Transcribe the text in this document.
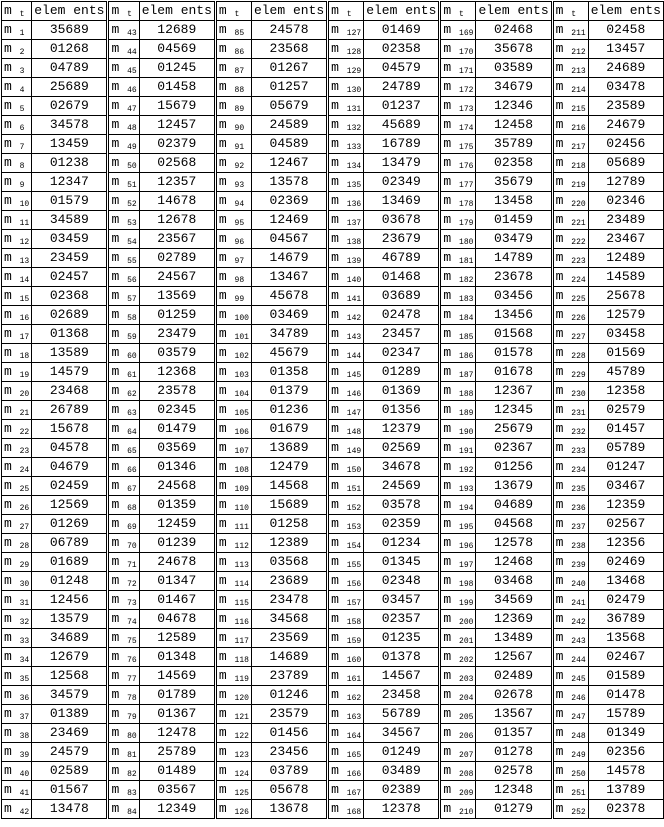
m $_t$	elem ents	m $_t$	elem ents	m $_t$	elem ents	m $_t$	elem ents	m $_t$	elem ents	m $_t$	elem ents
m $_1$	35689	m $_{43}$	12689	m $_{85}$	24578	m $_{127}$	01469	m $_{169}$	02468	m $_{211}$	02458
m $_2$	01268	m $_{44}$	04569	m $_{86}$	23568	m $_{128}$	02358	m $_{170}$	35678	m $_{212}$	13457
m $_3$	04789	m $_{45}$	01245	m $_{87}$	01267	m $_{129}$	04579	m $_{171}$	03589	m $_{213}$	24689
m $_4$	25689	m $_{46}$	01458	m $_{88}$	01257	m $_{130}$	24789	m $_{172}$	34679	m $_{214}$	03478
m $_5$	02679	m $_{47}$	15679	m $_{89}$	05679	m $_{131}$	01237	m $_{173}$	12346	m $_{215}$	23589
m $_6$	34578	m $_{48}$	12457	m $_{90}$	24589	m $_{132}$	45689	m $_{174}$	12458	m $_{216}$	24679
m $_7$	13459	m $_{49}$	02379	m $_{91}$	04589	m $_{133}$	16789	m $_{175}$	35789	m $_{217}$	02456
m $_8$	01238	m $_{50}$	02568	m $_{92}$	12467	m $_{134}$	13479	m $_{176}$	02358	m $_{218}$	05689
m $_9$	12347	m $_{51}$	12357	m $_{93}$	13578	m $_{135}$	02349	m $_{177}$	35679	m $_{219}$	12789
m $_{10}$	01579	m $_{52}$	14678	m $_{94}$	02369	m $_{136}$	13469	m $_{178}$	13458	m $_{220}$	02346
m $_{11}$	34589	m $_{53}$	12678	m $_{95}$	12469	m $_{137}$	03678	m $_{179}$	01459	m $_{221}$	23489
m $_{12}$	03459	m $_{54}$	23567	m $_{96}$	04567	m $_{138}$	23679	m $_{180}$	03479	m $_{222}$	23467
m $_{13}$	23459	m $_{55}$	02789	m $_{97}$	14679	m $_{139}$	46789	m $_{181}$	14789	m $_{223}$	12489
m $_{14}$	02457	m $_{56}$	24567	m $_{98}$	13467	m $_{140}$	01468	m $_{182}$	23678	m $_{224}$	14589
m $_{15}$	02368	m $_{57}$	13569	m $_{99}$	45678	m $_{141}$	03689	m $_{183}$	03456	m $_{225}$	25678
m $_{16}$	02689	m $_{58}$	01259	m $_{100}$	03469	m $_{142}$	02478	m $_{184}$	13456	m $_{226}$	12579
m $_{17}$	01368	m $_{59}$	23479	m $_{101}$	34789	m $_{143}$	23457	m $_{185}$	01568	m $_{227}$	03458
m $_{18}$	13589	m $_{60}$	03579	m $_{102}$	45679	m $_{144}$	02347	m $_{186}$	01578	m $_{228}$	01569
m $_{19}$	14579	m $_{61}$	12368	m $_{103}$	01358	m $_{145}$	01289	m $_{187}$	01678	m $_{229}$	45789
m $_{20}$	23468	m $_{62}$	23578	m $_{104}$	01379	m $_{146}$	01369	m $_{188}$	12367	m $_{230}$	12358
m $_{21}$	26789	m $_{63}$	02345	m $_{105}$	01236	m $_{147}$	01356	m $_{189}$	12345	m $_{231}$	02579
m $_{22}$	15678	m $_{64}$	01479	m $_{106}$	01679	m $_{148}$	12379	m $_{190}$	25679	m $_{232}$	01457
m $_{23}$	04578	m $_{65}$	03569	m $_{107}$	13689	m $_{149}$	02569	m $_{191}$	02367	m $_{233}$	05789
m $_{24}$	04679	m $_{66}$	01346	m $_{108}$	12479	m $_{150}$	34678	m $_{192}$	01256	m $_{234}$	01247
m $_{25}$	02459	m $_{67}$	24568	m $_{109}$	14568	m $_{151}$	24569	m $_{193}$	13679	m $_{235}$	03467
m $_{26}$	12569	m $_{68}$	01359	m $_{110}$	15689	m $_{152}$	03578	m $_{194}$	04689	m $_{236}$	12359
m $_{27}$	01269	m $_{69}$	12459	m $_{111}$	01258	m $_{153}$	02359	m $_{195}$	04568	m $_{237}$	02567
m $_{28}$	06789	m $_{70}$	01239	m $_{112}$	12389	m $_{154}$	01234	m $_{196}$	12578	m $_{238}$	12356
m $_{29}$	01689	m $_{71}$	24678	m $_{113}$	03568	m $_{155}$	01345	m $_{197}$	12468	m $_{239}$	02469
m $_{30}$	01248	m $_{72}$	01347	m $_{114}$	23689	m $_{156}$	02348	m $_{198}$	03468	m $_{240}$	13468
m $_{31}$	12456	m $_{73}$	01467	m $_{115}$	23478	m $_{157}$	03457	m $_{199}$	34569	m $_{241}$	02479
m $_{32}$	13579	m $_{74}$	04678	m $_{116}$	34568	m $_{158}$	02357	m $_{200}$	12369	m $_{242}$	36789
m $_{33}$	34689	m $_{75}$	12589	m $_{117}$	23569	m $_{159}$	01235	m $_{201}$	13489	m $_{243}$	13568
m $_{34}$	12679	m $_{76}$	01348	m $_{118}$	14689	m $_{160}$	01378	m $_{202}$	12567	m $_{244}$	02467
m $_{35}$	12568	m $_{77}$	14569	m $_{119}$	23789	m $_{161}$	14567	m $_{203}$	02489	m $_{245}$	01589
m $_{36}$	34579	m $_{78}$	01789	m $_{120}$	01246	m $_{162}$	23458	m $_{204}$	02678	m $_{246}$	01478
m $_{37}$	01389	m $_{79}$	01367	m $_{121}$	23579	m $_{163}$	56789	m $_{205}$	13567	m $_{247}$	15789
m $_{38}$	23469	m $_{80}$	12478	m $_{122}$	01456	m $_{164}$	34567	m $_{206}$	01357	m $_{248}$	01349
m $_{39}$	24579	m $_{81}$	25789	m $_{123}$	23456	m $_{165}$	01249	m $_{207}$	01278	m $_{249}$	02356
m $_{40}$	02589	m $_{82}$	01489	m $_{124}$	03789	m $_{166}$	03489	m $_{208}$	02578	m $_{250}$	14578
m $_{41}$	01567	m $_{83}$	03567	m $_{125}$	05678	m $_{167}$	02389	m $_{209}$	12348	m $_{251}$	13789
m $_{42}$	13478	m $_{84}$	12349	m $_{126}$	13678	m $_{168}$	12378	m $_{210}$	01279	m $_{252}$	02378
